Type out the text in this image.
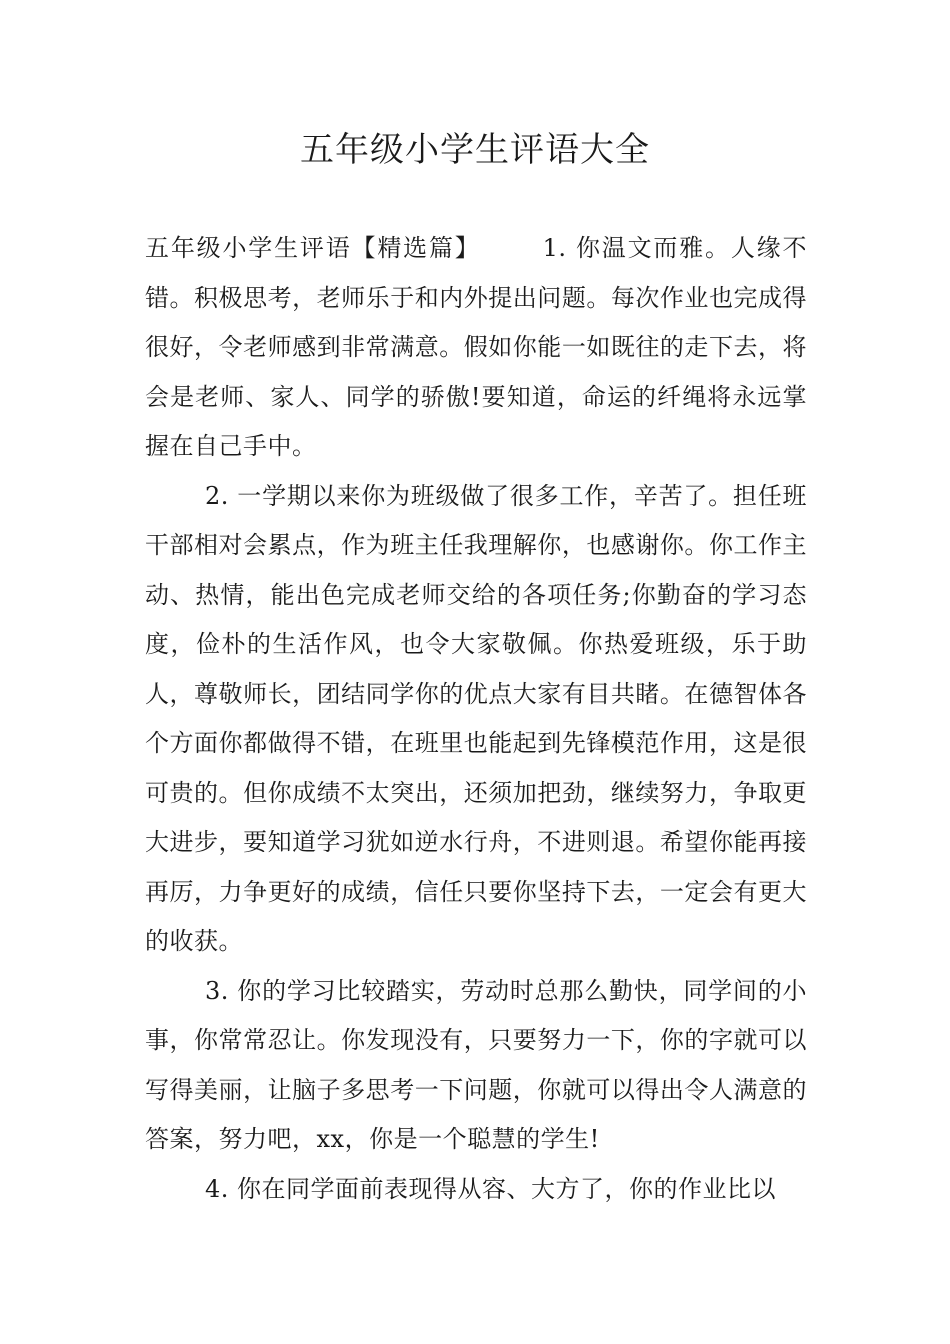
五年级小学生评语大全

五年级小学生评语【精选篇】	1. 你温文而雅。人缘不错。积极思考，老师乐于和内外提出问题。每次作业也完成得很好，令老师感到非常满意。假如你能一如既往的走下去，将会是老师、家人、同学的骄傲!要知道，命运的纤绳将永远掌握在自己手中。

2. 一学期以来你为班级做了很多工作，辛苦了。担任班干部相对会累点，作为班主任我理解你，也感谢你。你工作主动、热情，能出色完成老师交给的各项任务;你勤奋的学习态度，俭朴的生活作风，也令大家敬佩。你热爱班级，乐于助人，尊敬师长，团结同学你的优点大家有目共睹。在德智体各个方面你都做得不错，在班里也能起到先锋模范作用，这是很可贵的。但你成绩不太突出，还须加把劲，继续努力，争取更大进步，要知道学习犹如逆水行舟，不进则退。希望你能再接再厉，力争更好的成绩，信任只要你坚持下去，一定会有更大的收获。

3. 你的学习比较踏实，劳动时总那么勤快，同学间的小事，你常常忍让。你发现没有，只要努力一下，你的字就可以写得美丽，让脑子多思考一下问题，你就可以得出令人满意的答案，努力吧，xx，你是一个聪慧的学生!

4. 你在同学面前表现得从容、大方了，你的作业比以
